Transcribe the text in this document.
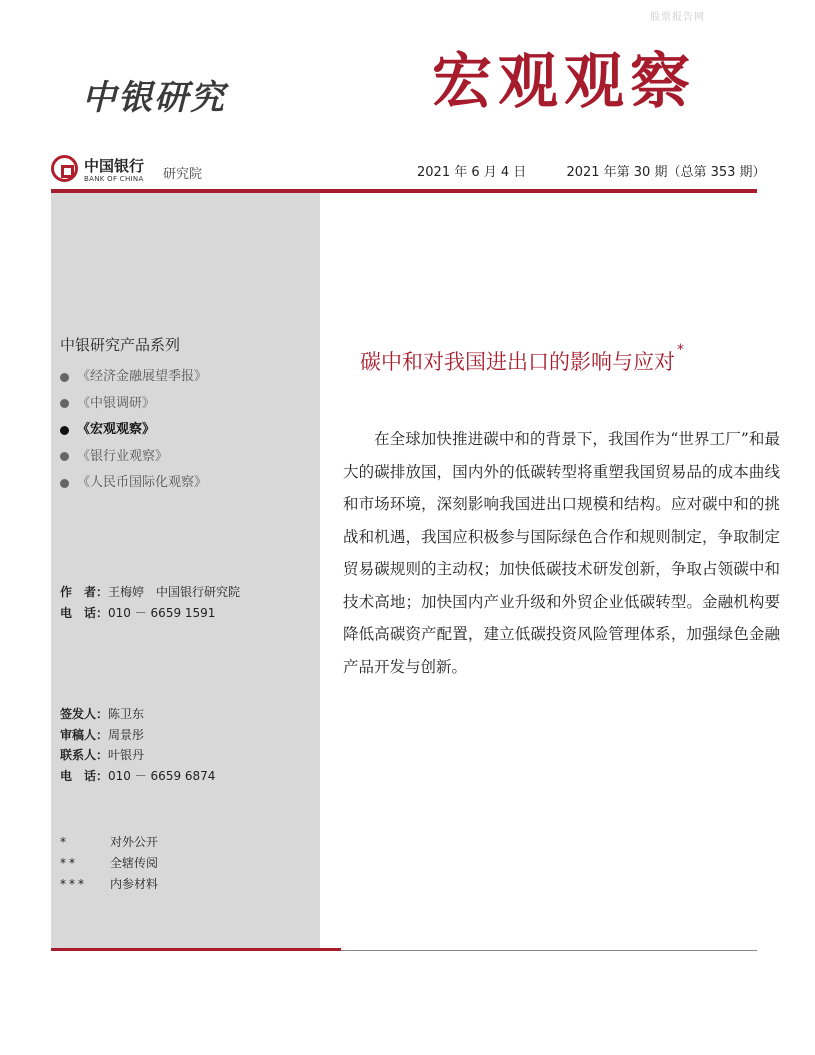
股票报告网
中银研究	宏观观察
中国银行
BANK OF CHINA 研究院	2021 年 6 月 4 日	2021 年第 30 期（总第 353 期）
中银研究产品系列
《经济金融展望季报》
《中银调研》
《宏观观察》
《银行业观察》
《人民币国际化观察》
作　者：王梅婷　中国银行研究院
电　话：010 － 6659 1591
签发人：陈卫东
审稿人：周景彤
联系人：叶银丹
电　话：010 － 6659 6874
*	对外公开
**	全辖传阅
***	内参材料
碳中和对我国进出口的影响与应对 *

在全球加快推进碳中和的背景下，我国作为“世界工厂”和最大的碳排放国，国内外的低碳转型将重塑我国贸易品的成本曲线和市场环境，深刻影响我国进出口规模和结构。应对碳中和的挑战和机遇，我国应积极参与国际绿色合作和规则制定，争取制定贸易碳规则的主动权；加快低碳技术研发创新，争取占领碳中和技术高地；加快国内产业升级和外贸企业低碳转型。金融机构要降低高碳资产配置，建立低碳投资风险管理体系，加强绿色金融产品开发与创新。
